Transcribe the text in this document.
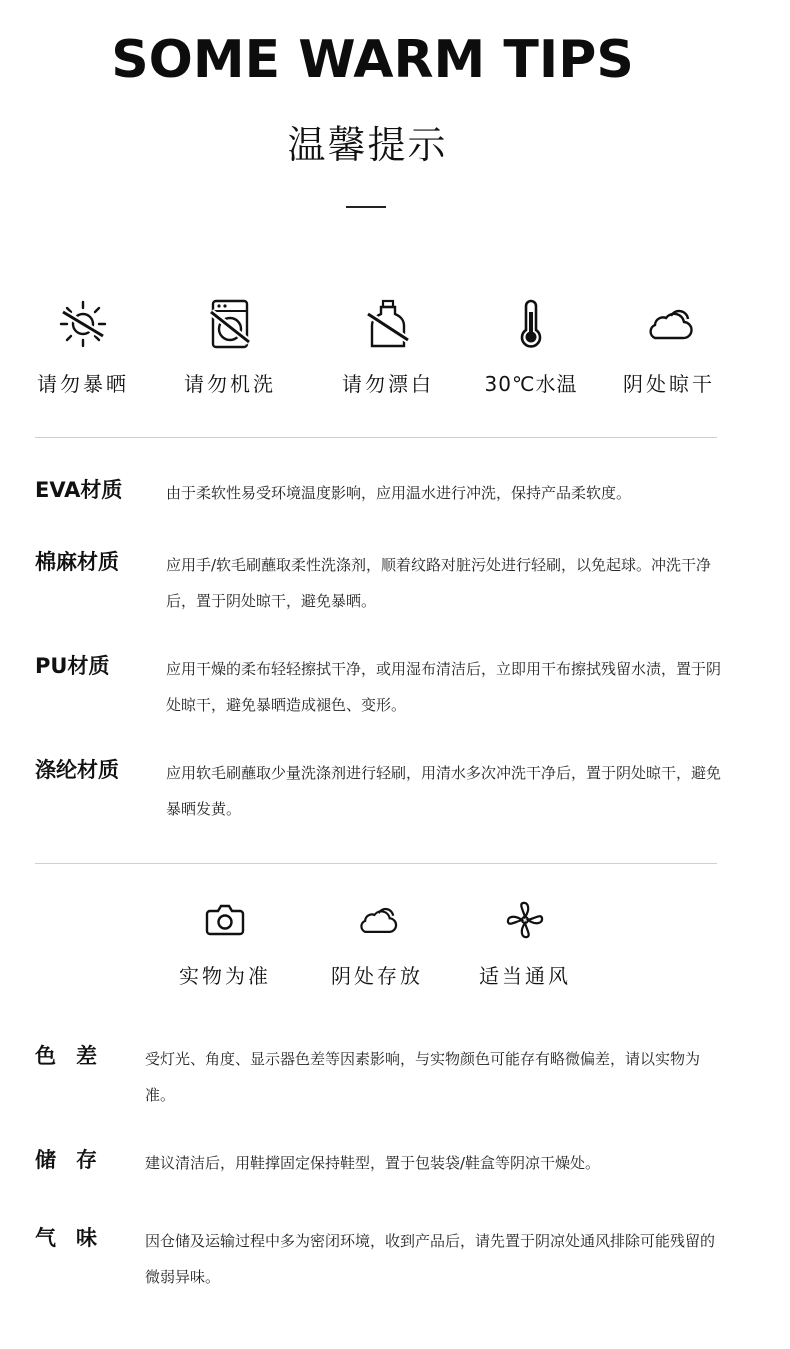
SOME WARM TIPS
温馨提示
请勿暴晒	请勿机洗	请勿漂白	30℃水温	阴处晾干
EVA材质	由于柔软性易受环境温度影响，应用温水进行冲洗，保持产品柔软度。
棉麻材质	应用手/软毛刷蘸取柔性洗涤剂，顺着纹路对脏污处进行轻刷，以免起球。冲洗干净后，置于阴处晾干，避免暴晒。
PU材质	应用干燥的柔布轻轻擦拭干净，或用湿布清洁后，立即用干布擦拭残留水渍，置于阴处晾干，避免暴晒造成褪色、变形。
涤纶材质	应用软毛刷蘸取少量洗涤剂进行轻刷，用清水多次冲洗干净后，置于阴处晾干，避免暴晒发黄。
实物为准	阴处存放	适当通风
色差 受灯光、角度、显示器色差等因素影响，与实物颜色可能存有略微偏差，请以实物为准。
储存 建议清洁后，用鞋撑固定保持鞋型，置于包装袋/鞋盒等阴凉干燥处。
气味 因仓储及运输过程中多为密闭环境，收到产品后，请先置于阴凉处通风排除可能残留的微弱异味。
